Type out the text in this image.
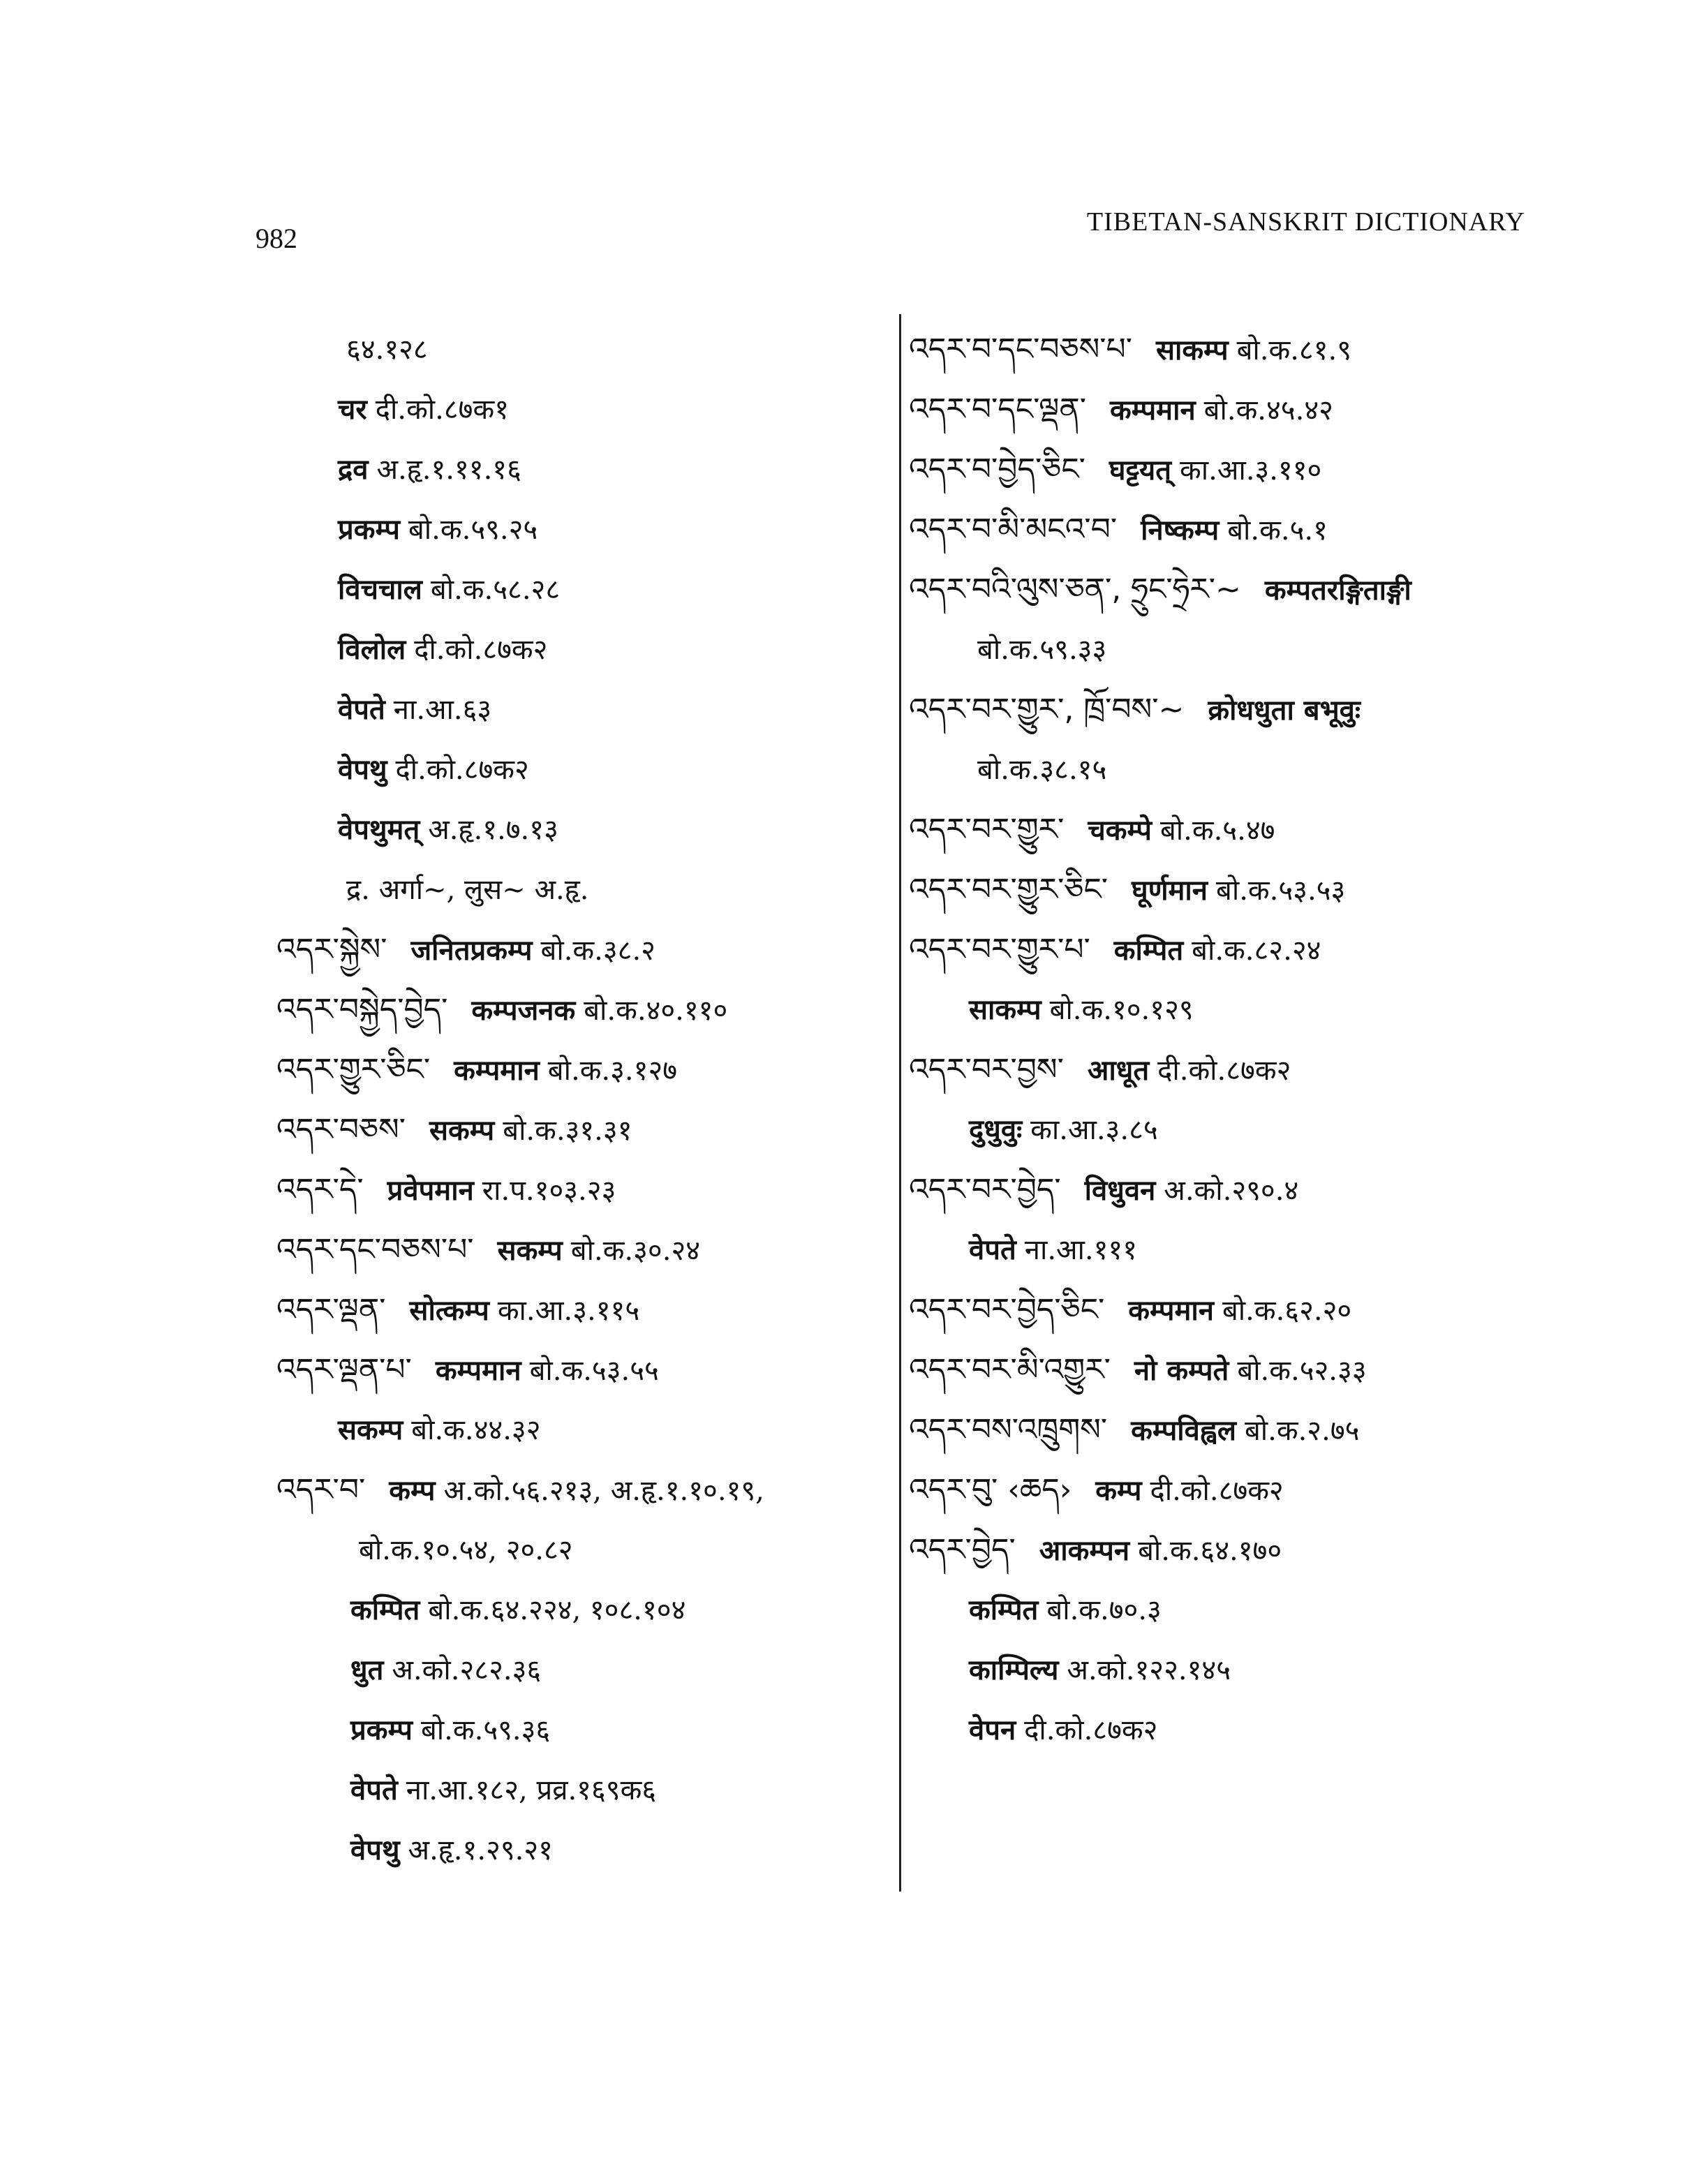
982
TIBETAN-SANSKRIT DICTIONARY
६४.१२८
चर दी.को.८७क१
द्रव अ.हृ.१.११.१६
प्रकम्प बो.क.५९.२५
विचचाल बो.क.५८.२८
विलोल दी.को.८७क२
वेपते ना.आ.६३
वेपथु दी.को.८७क२
वेपथुमत् अ.हृ.१.७.१३
द्र. अर्गा~, लुस~ अ.हृ.
འདར་སྐྱེས་ जनितप्रकम्प बो.क.३८.२
འདར་བསྐྱེད་བྱེད་ कम्पजनक बो.क.४०.११०
འདར་གྱུར་ཅིང་ कम्पमान बो.क.३.१२७
འདར་བཅས་ सकम्प बो.क.३१.३१
འདར་དེ་ प्रवेपमान रा.प.१०३.२३
འདར་དང་བཅས་པ་ सकम्प बो.क.३०.२४
འདར་ལྡན་ सोत्कम्प का.आ.३.११५
འདར་ལྡན་པ་ कम्पमान बो.क.५३.५५
सकम्प बो.क.४४.३२
འདར་བ་ कम्प अ.को.५६.२१३, अ.हृ.१.१०.१९,
बो.क.१०.५४, २०.८२
कम्पित बो.क.६४.२२४, १०८.१०४
धुत अ.को.२८२.३६
प्रकम्प बो.क.५९.३६
वेपते ना.आ.१८२, प्रव्र.१६९क६
वेपथु अ.हृ.१.२९.२१
འདར་བ་དང་བཅས་པ་ साकम्प बो.क.८१.९
འདར་བ་དང་ལྡན་ कम्पमान बो.क.४५.४२
འདར་བ་བྱེད་ཅིང་ घट्टयत् का.आ.३.११०
འདར་བ་མི་མངའ་བ་ निष्कम्प बो.क.५.१
འདར་བའི་ལུས་ཅན་, ཧྲུང་ཧྲེར་~ कम्पतरङ्गिताङ्गी
बो.क.५९.३३
འདར་བར་གྱུར་, ཁྲོ་བས་~ क्रोधधुता बभूवुः
बो.क.३८.१५
འདར་བར་གྱུར་ चकम्पे बो.क.५.४७
འདར་བར་གྱུར་ཅིང་ घूर्णमान बो.क.५३.५३
འདར་བར་གྱུར་པ་ कम्पित बो.क.८२.२४
साकम्प बो.क.१०.१२९
འདར་བར་བྱས་ आधूत दी.को.८७क२
दुधुवुः का.आ.३.८५
འདར་བར་བྱེད་ विधुवन अ.को.२९०.४
वेपते ना.आ.१११
འདར་བར་བྱེད་ཅིང་ कम्पमान बो.क.६२.२०
འདར་བར་མི་འགྱུར་ नो कम्पते बो.क.५२.३३
འདར་བས་འཁྲུགས་ कम्पविह्वल बो.क.२.७५
འདར་བུ་ ‹ཆད› कम्प दी.को.८७क२
འདར་བྱེད་ आकम्पन बो.क.६४.१७०
कम्पित बो.क.७०.३
काम्पिल्य अ.को.१२२.१४५
वेपन दी.को.८७क२
